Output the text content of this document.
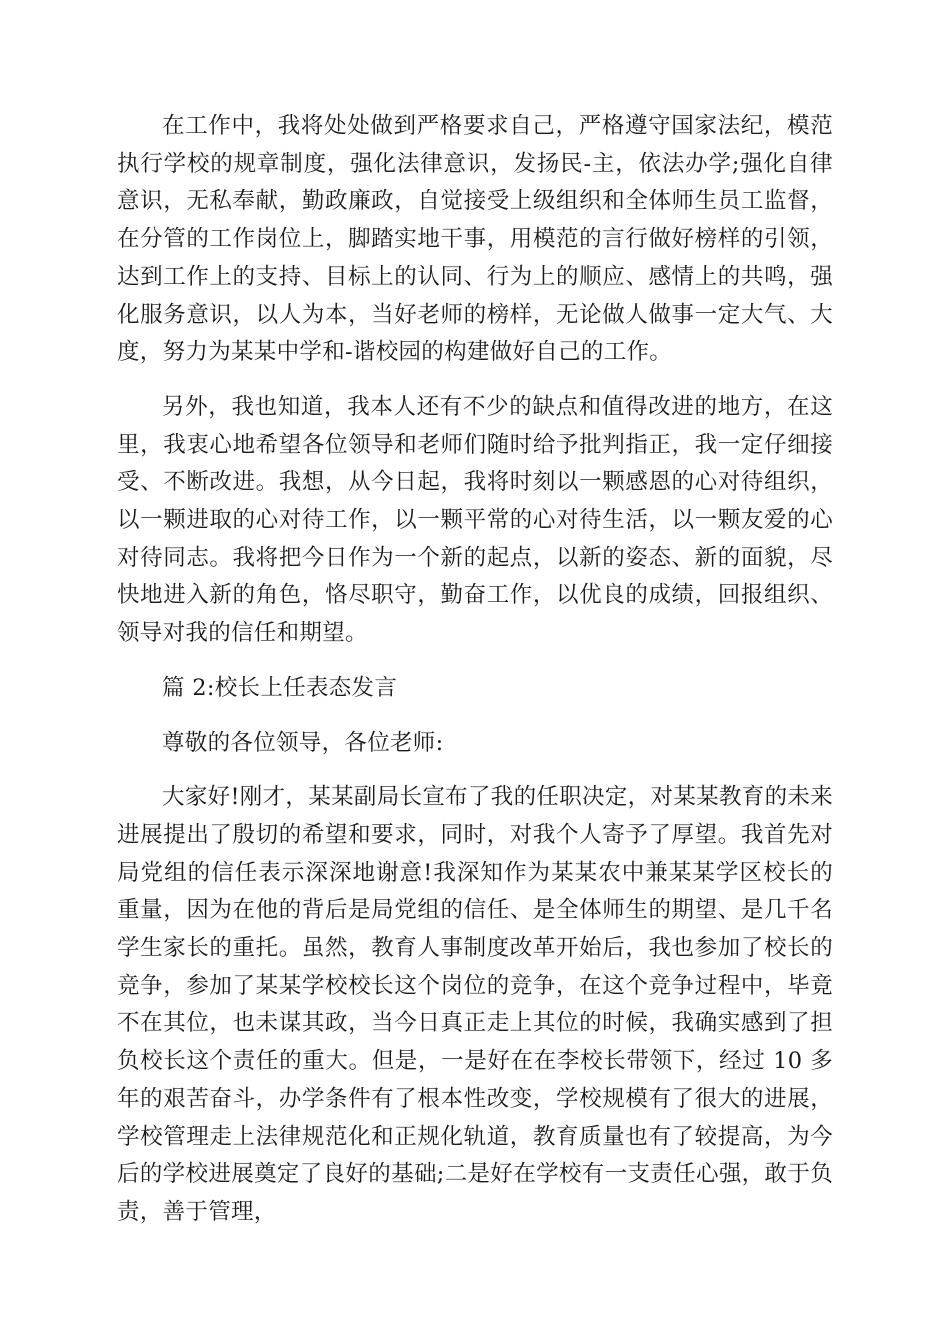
在工作中，我将处处做到严格要求自己，严格遵守国家法纪，模范执行学校的规章制度，强化法律意识，发扬民-主，依法办学;强化自律意识，无私奉献，勤政廉政，自觉接受上级组织和全体师生员工监督，在分管的工作岗位上，脚踏实地干事，用模范的言行做好榜样的引领，达到工作上的支持、目标上的认同、行为上的顺应、感情上的共鸣，强化服务意识，以人为本，当好老师的榜样，无论做人做事一定大气、大度，努力为某某中学和-谐校园的构建做好自己的工作。

另外，我也知道，我本人还有不少的缺点和值得改进的地方，在这里，我衷心地希望各位领导和老师们随时给予批判指正，我一定仔细接受、不断改进。我想，从今日起，我将时刻以一颗感恩的心对待组织，以一颗进取的心对待工作，以一颗平常的心对待生活，以一颗友爱的心对待同志。我将把今日作为一个新的起点，以新的姿态、新的面貌，尽快地进入新的角色，恪尽职守，勤奋工作，以优良的成绩，回报组织、领导对我的信任和期望。

篇 2:校长上任表态发言

尊敬的各位领导，各位老师:

大家好!刚才，某某副局长宣布了我的任职决定，对某某教育的未来进展提出了殷切的希望和要求，同时，对我个人寄予了厚望。我首先对局党组的信任表示深深地谢意!我深知作为某某农中兼某某学区校长的重量，因为在他的背后是局党组的信任、是全体师生的期望、是几千名学生家长的重托。虽然，教育人事制度改革开始后，我也参加了校长的竞争，参加了某某学校校长这个岗位的竞争，在这个竞争过程中，毕竟不在其位，也未谋其政，当今日真正走上其位的时候，我确实感到了担负校长这个责任的重大。但是，一是好在在李校长带领下，经过 10 多年的艰苦奋斗，办学条件有了根本性改变，学校规模有了很大的进展，学校管理走上法律规范化和正规化轨道，教育质量也有了较提高，为今后的学校进展奠定了良好的基础;二是好在学校有一支责任心强，敢于负责，善于管理，
